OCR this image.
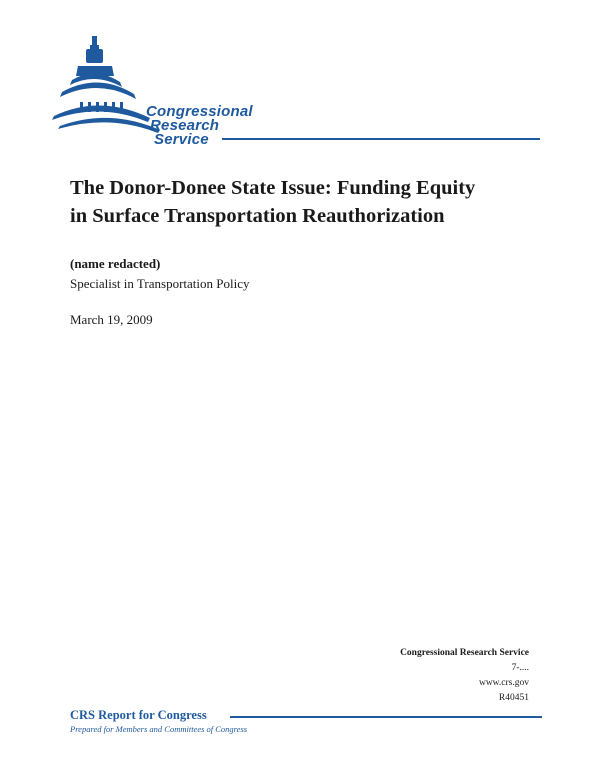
Congressional
Research
Service
The Donor-Donee State Issue: Funding Equity
in Surface Transportation Reauthorization
(name redacted)
Specialist in Transportation Policy
March 19, 2009
Congressional Research Service
7-....
www.crs.gov
R40451
CRS Report for Congress
Prepared for Members and Committees of Congress
